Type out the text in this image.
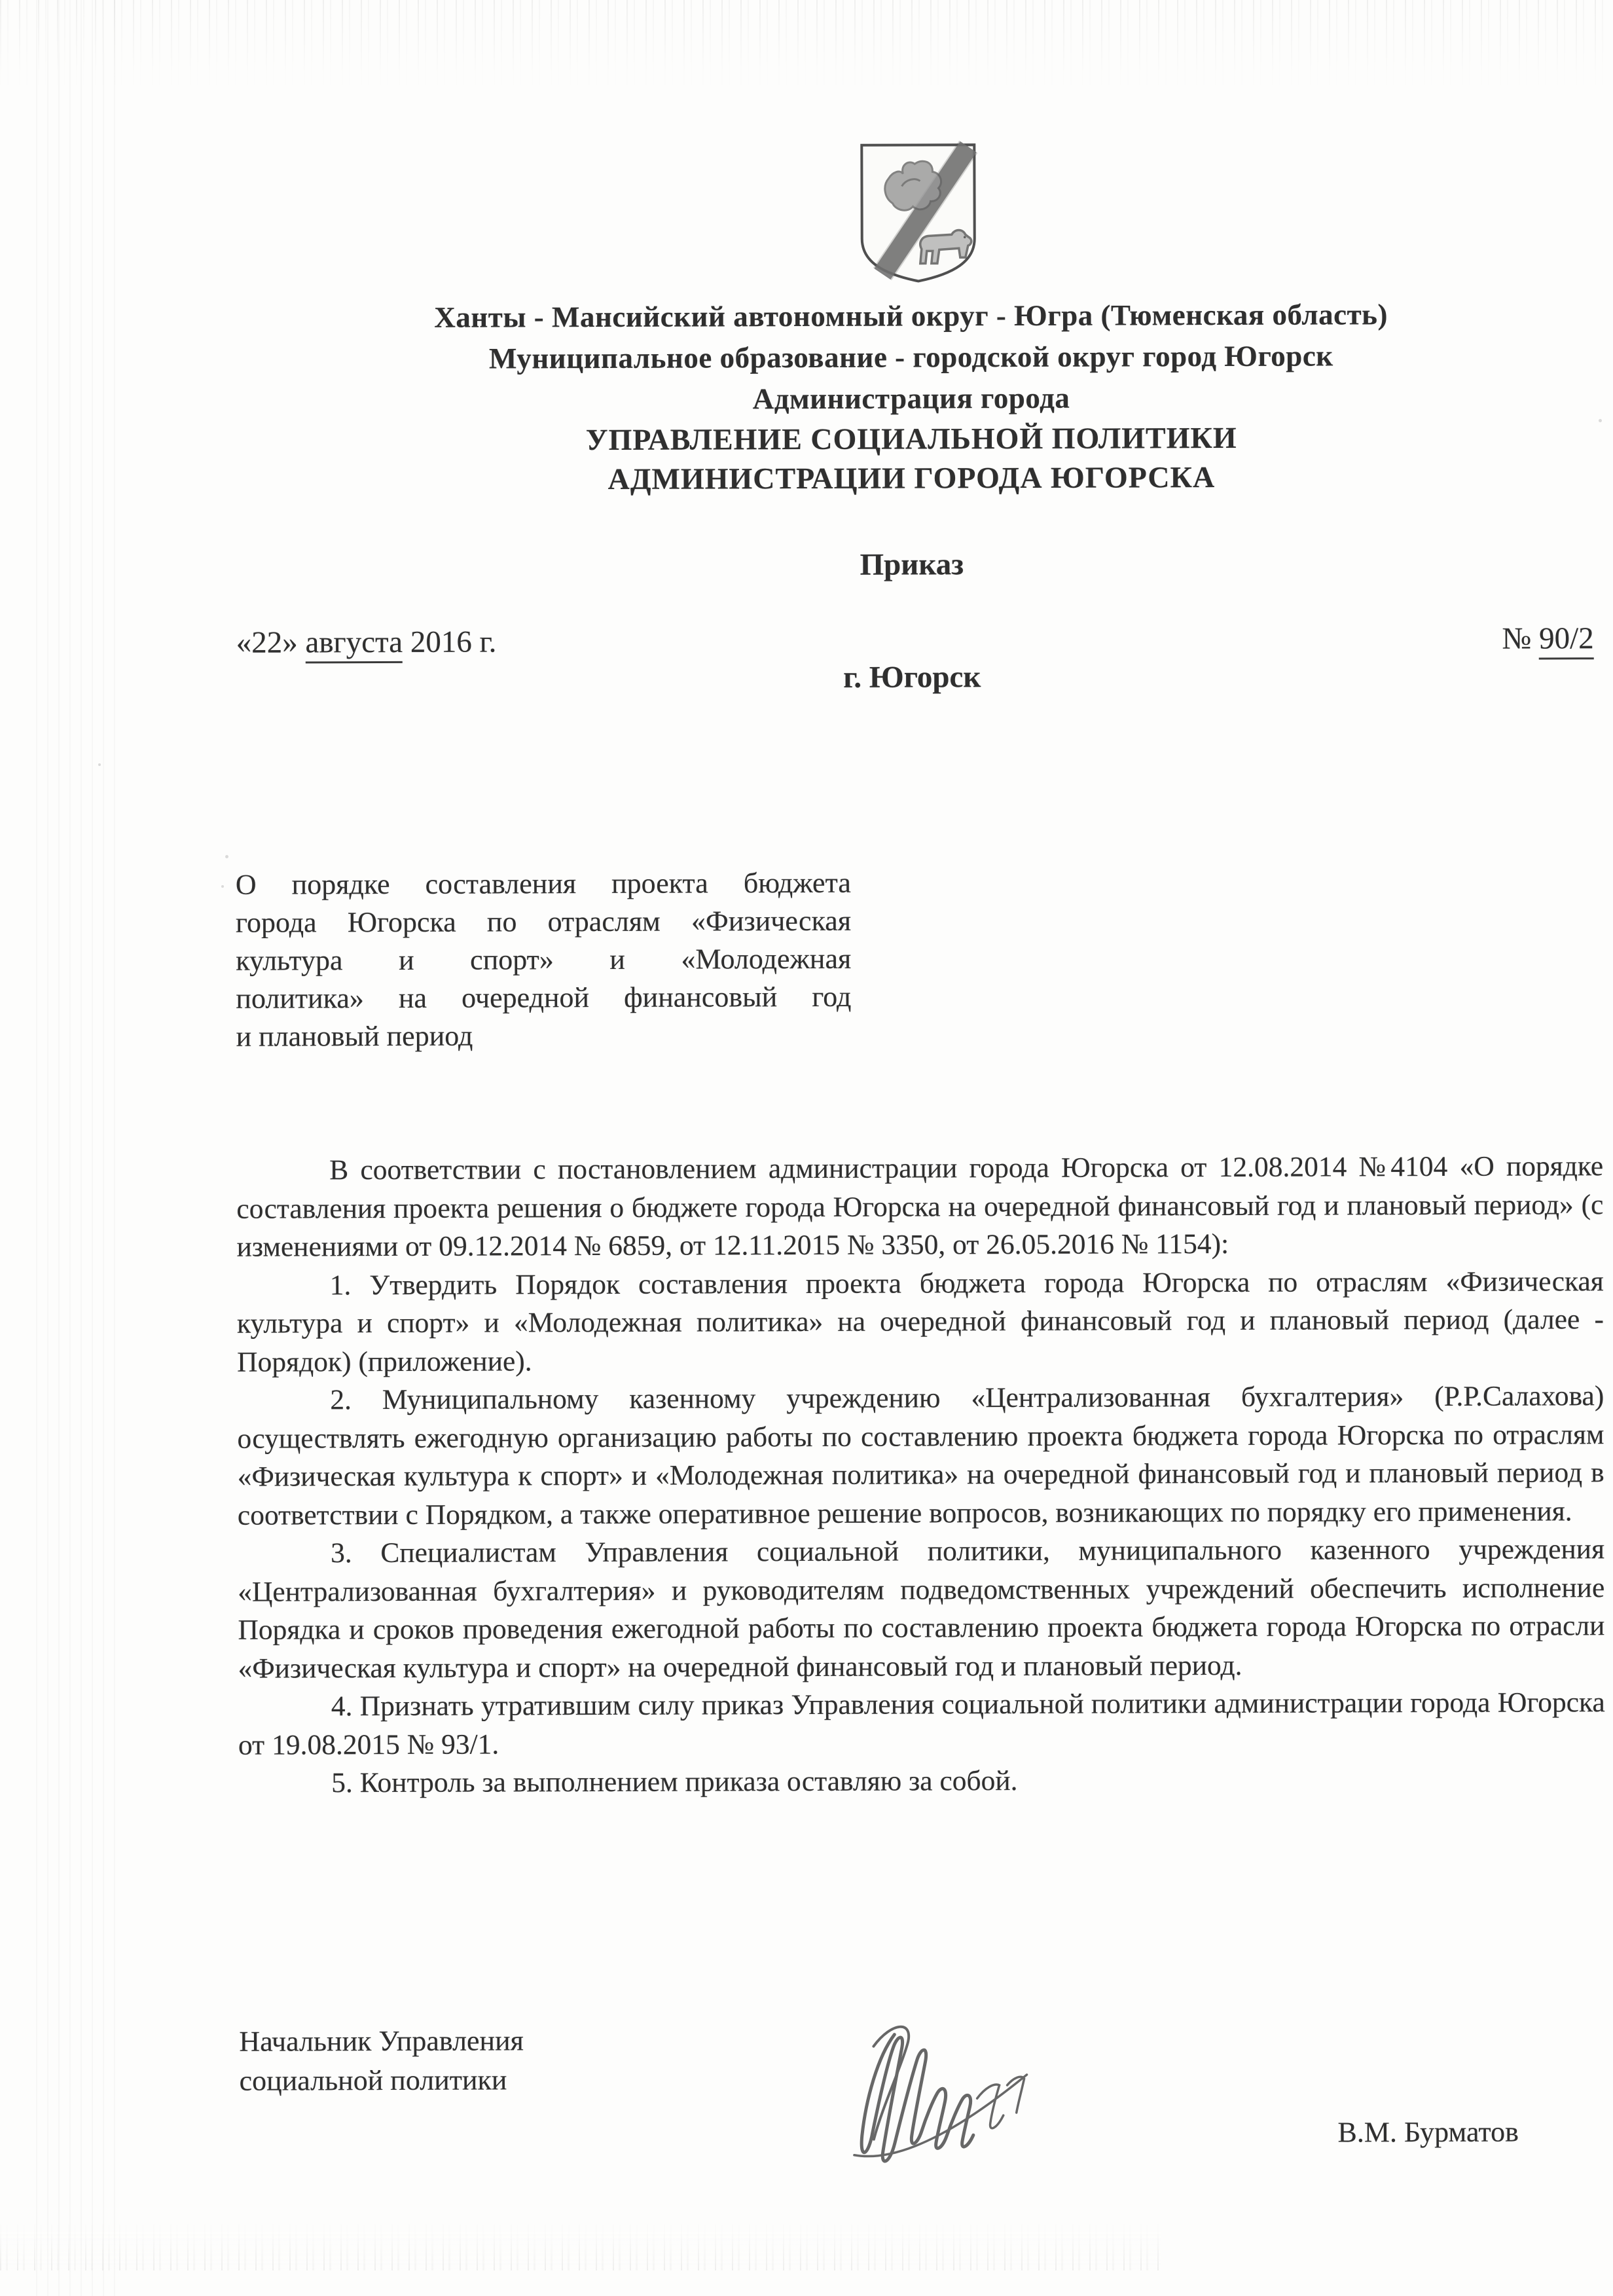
Ханты - Мансийский автономный округ - Югра (Тюменская область)
Муниципальное образование - городской округ город Югорск
Администрация города
УПРАВЛЕНИЕ СОЦИАЛЬНОЙ ПОЛИТИКИ
АДМИНИСТРАЦИИ ГОРОДА ЮГОРСКА
Приказ
«22» августа 2016 г.	№ 90/2
г. Югорск
О порядке составления проекта бюджета
города Югорска по отраслям «Физическая
культура и спорт» и «Молодежная
политика» на очередной финансовый год
и плановый период

В соответствии с постановлением администрации города Югорска от 12.08.2014 №4104 «О порядке составления проекта решения о бюджете города Югорска на очередной финансовый год и плановый период» (с изменениями от 09.12.2014 № 6859, от 12.11.2015 № 3350, от 26.05.2016 № 1154):

1. Утвердить Порядок составления проекта бюджета города Югорска по отраслям «Физическая культура и спорт» и «Молодежная политика» на очередной финансовый год и плановый период (далее - Порядок) (приложение).

2. Муниципальному казенному учреждению «Централизованная бухгалтерия» (Р.Р.Салахова) осуществлять ежегодную организацию работы по составлению проекта бюджета города Югорска по отраслям «Физическая культура к спорт» и «Молодежная политика» на очередной финансовый год и плановый период в соответствии с Порядком, а также оперативное решение вопросов, возникающих по порядку его применения.

3. Специалистам Управления социальной политики, муниципального казенного учреждения «Централизованная бухгалтерия» и руководителям подведомственных учреждений обеспечить исполнение Порядка и сроков проведения ежегодной работы по составлению проекта бюджета города Югорска по отрасли «Физическая культура и спорт» на очередной финансовый год и плановый период.

4. Признать утратившим силу приказ Управления социальной политики администрации города Югорска от 19.08.2015 № 93/1.

5. Контроль за выполнением приказа оставляю за собой.

Начальник Управления
социальной политики
В.М. Бурматов
